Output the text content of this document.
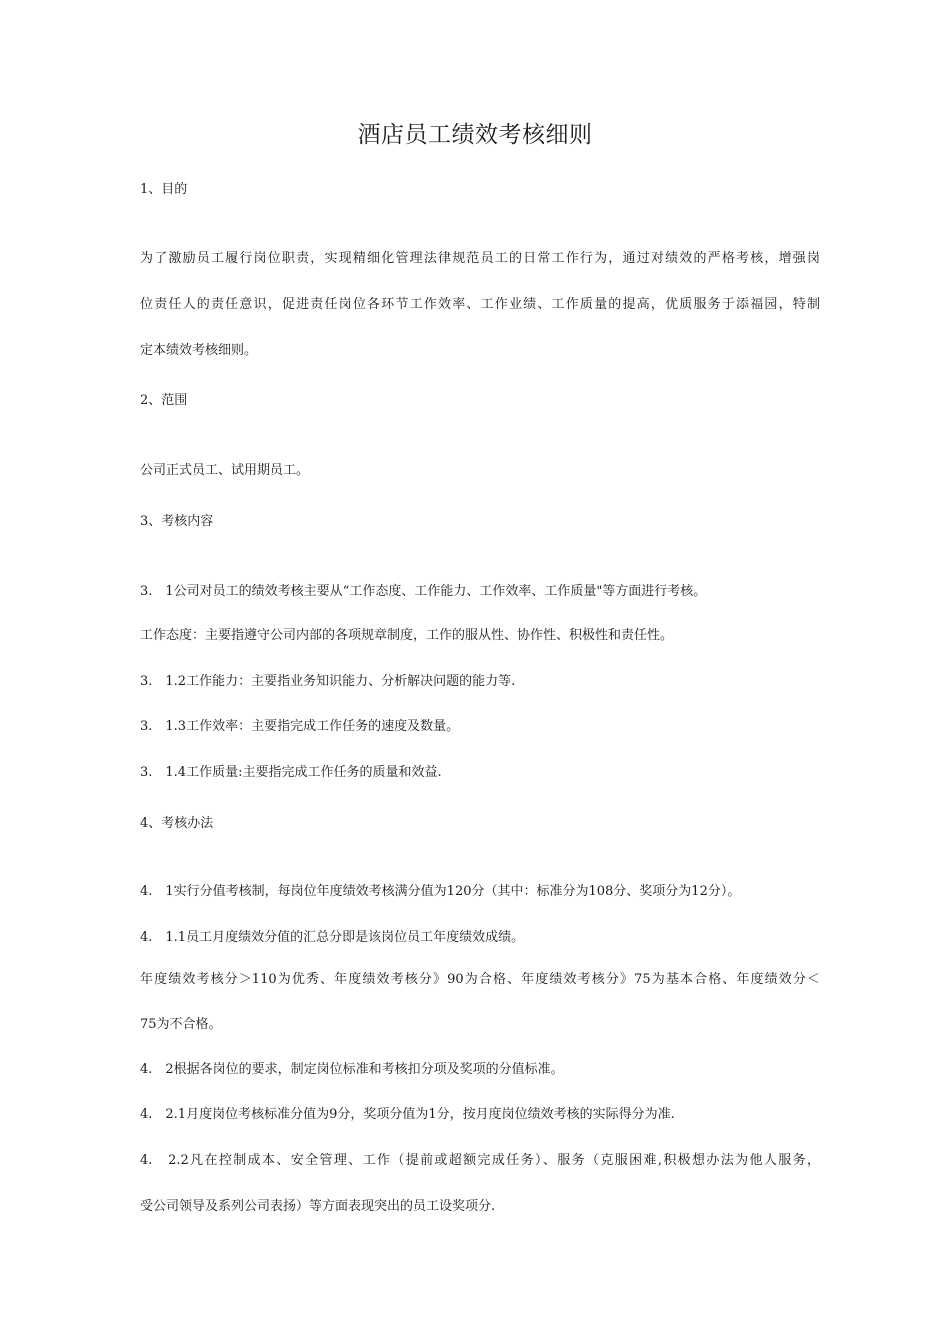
酒店员工绩效考核细则
1、目的
为了激励员工履行岗位职责，实现精细化管理法律规范员工的日常工作行为，通过对绩效的严格考核，增强岗
位责任人的责任意识，促进责任岗位各环节工作效率、工作业绩、工作质量的提高，优质服务于添福园，特制
定本绩效考核细则。
2、范围
公司正式员工、试用期员工。
3、考核内容
3.　1公司对员工的绩效考核主要从“工作态度、工作能力、工作效率、工作质量"等方面进行考核。
工作态度：主要指遵守公司内部的各项规章制度，工作的服从性、协作性、积极性和责任性。
3.　1.2工作能力：主要指业务知识能力、分析解决问题的能力等.
3.　1.3工作效率：主要指完成工作任务的速度及数量。
3.　1.4工作质量:主要指完成工作任务的质量和效益.
4、考核办法
4.　1实行分值考核制，每岗位年度绩效考核满分值为120分（其中：标准分为108分、奖项分为12分）。
4.　1.1员工月度绩效分值的汇总分即是该岗位员工年度绩效成绩。
年度绩效考核分＞110为优秀、年度绩效考核分》90为合格、年度绩效考核分》75为基本合格、年度绩效分＜
75为不合格。
4.　2根据各岗位的要求，制定岗位标准和考核扣分项及奖项的分值标准。
4.　2.1月度岗位考核标准分值为9分，奖项分值为1分，按月度岗位绩效考核的实际得分为准.
4.　2.2凡在控制成本、安全管理、工作（提前或超额完成任务）、服务（克服困难,积极想办法为他人服务，
受公司领导及系列公司表扬）等方面表现突出的员工设奖项分.
